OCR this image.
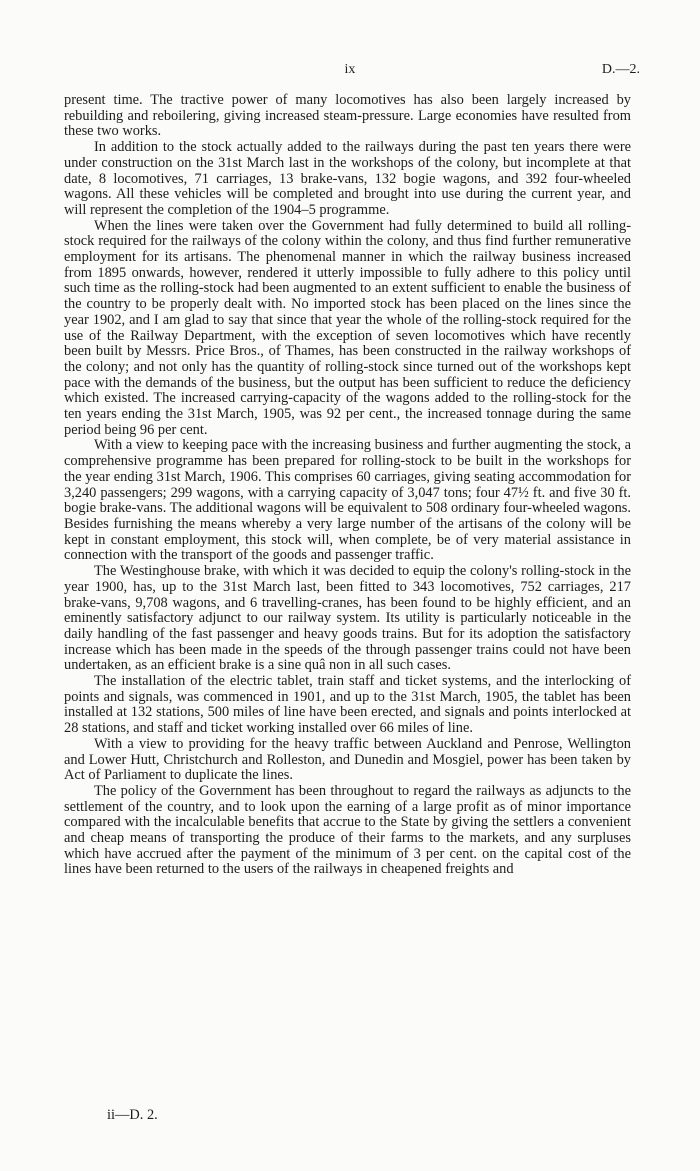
ix	D.—2.

present time. The tractive power of many locomotives has also been largely increased by rebuilding and reboilering, giving increased steam-pressure. Large economies have resulted from these two works.

In addition to the stock actually added to the railways during the past ten years there were under construction on the 31st March last in the workshops of the colony, but incomplete at that date, 8 locomotives, 71 carriages, 13 brake-vans, 132 bogie wagons, and 392 four-wheeled wagons. All these vehicles will be completed and brought into use during the current year, and will represent the completion of the 1904–5 programme.

When the lines were taken over the Government had fully determined to build all rolling-stock required for the railways of the colony within the colony, and thus find further remunerative employment for its artisans. The phenomenal manner in which the railway business increased from 1895 onwards, however, rendered it utterly impossible to fully adhere to this policy until such time as the rolling-stock had been augmented to an extent sufficient to enable the business of the country to be properly dealt with. No imported stock has been placed on the lines since the year 1902, and I am glad to say that since that year the whole of the rolling-stock required for the use of the Railway Department, with the exception of seven locomotives which have recently been built by Messrs. Price Bros., of Thames, has been constructed in the railway workshops of the colony; and not only has the quantity of rolling-stock since turned out of the workshops kept pace with the demands of the business, but the output has been sufficient to reduce the deficiency which existed. The increased carrying-capacity of the wagons added to the rolling-stock for the ten years ending the 31st March, 1905, was 92 per cent., the increased tonnage during the same period being 96 per cent.

With a view to keeping pace with the increasing business and further augmenting the stock, a comprehensive programme has been prepared for rolling-stock to be built in the workshops for the year ending 31st March, 1906. This comprises 60 carriages, giving seating accommodation for 3,240 passengers; 299 wagons, with a carrying capacity of 3,047 tons; four 47½ ft. and five 30 ft. bogie brake-vans. The additional wagons will be equivalent to 508 ordinary four-wheeled wagons. Besides furnishing the means whereby a very large number of the artisans of the colony will be kept in constant employment, this stock will, when complete, be of very material assistance in connection with the transport of the goods and passenger traffic.

The Westinghouse brake, with which it was decided to equip the colony's rolling-stock in the year 1900, has, up to the 31st March last, been fitted to 343 locomotives, 752 carriages, 217 brake-vans, 9,708 wagons, and 6 travelling-cranes, has been found to be highly efficient, and an eminently satisfactory adjunct to our railway system. Its utility is particularly noticeable in the daily handling of the fast passenger and heavy goods trains. But for its adoption the satisfactory increase which has been made in the speeds of the through passenger trains could not have been undertaken, as an efficient brake is a sine quâ non in all such cases.

The installation of the electric tablet, train staff and ticket systems, and the interlocking of points and signals, was commenced in 1901, and up to the 31st March, 1905, the tablet has been installed at 132 stations, 500 miles of line have been erected, and signals and points interlocked at 28 stations, and staff and ticket working installed over 66 miles of line.

With a view to providing for the heavy traffic between Auckland and Penrose, Wellington and Lower Hutt, Christchurch and Rolleston, and Dunedin and Mosgiel, power has been taken by Act of Parliament to duplicate the lines.

The policy of the Government has been throughout to regard the railways as adjuncts to the settlement of the country, and to look upon the earning of a large profit as of minor importance compared with the incalculable benefits that accrue to the State by giving the settlers a convenient and cheap means of transporting the produce of their farms to the markets, and any surpluses which have accrued after the payment of the minimum of 3 per cent. on the capital cost of the lines have been returned to the users of the railways in cheapened freights and

ii—D. 2.
